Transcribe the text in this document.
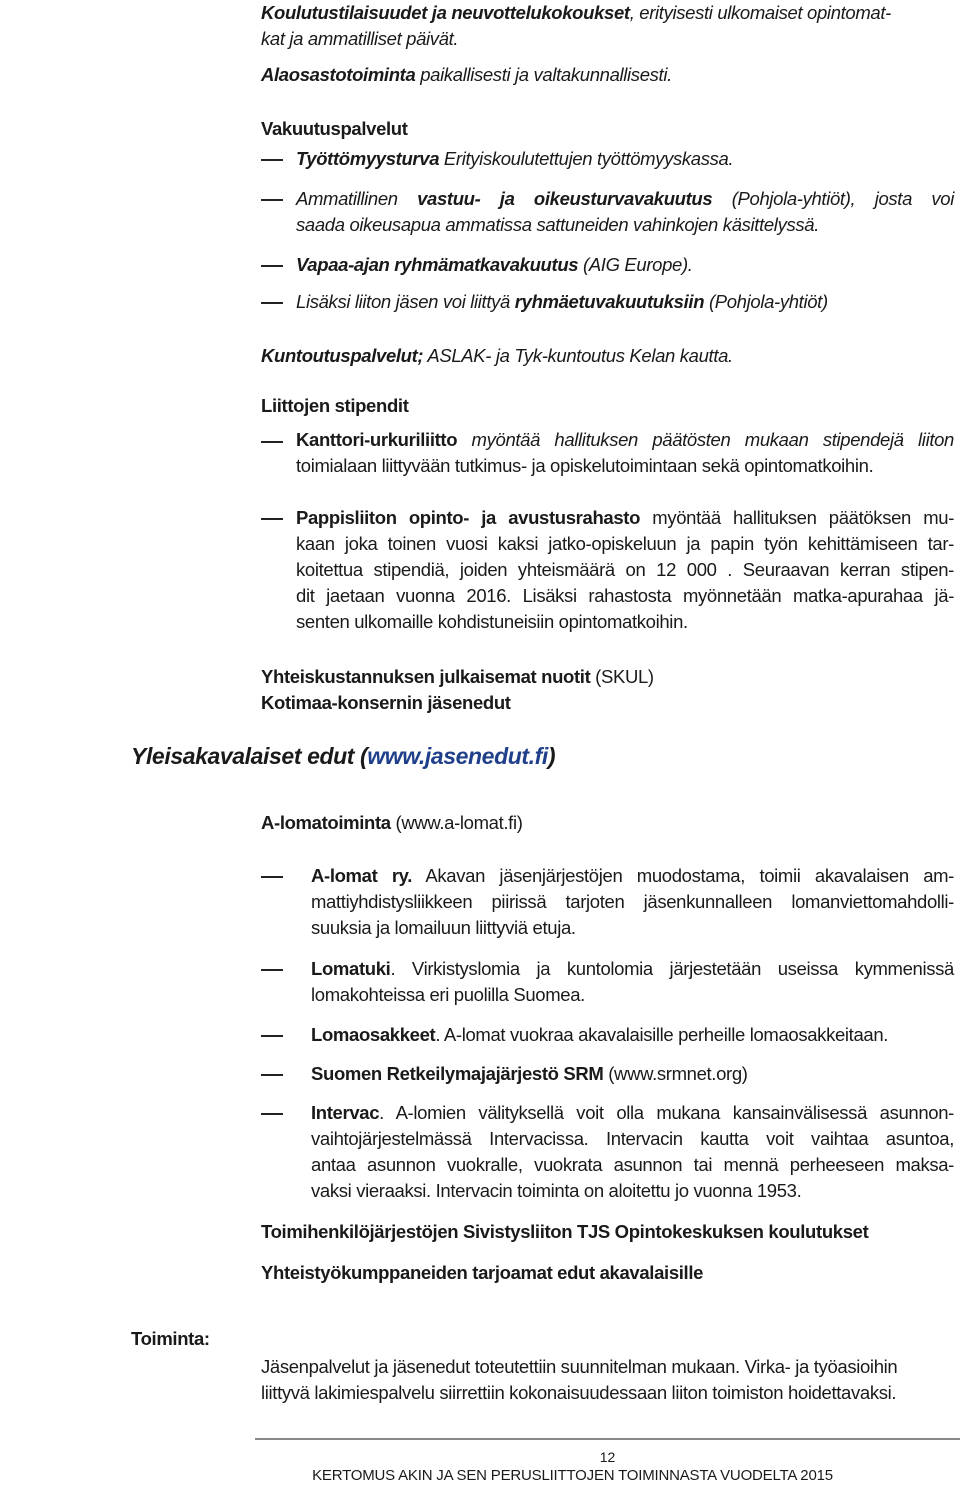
Koulutustilaisuudet ja neuvottelukokoukset, erityisesti ulkomaiset opintomat-
kat ja ammatilliset päivät.
Alaosastotoiminta paikallisesti ja valtakunnallisesti.
Vakuutuspalvelut
Työttömyysturva Erityiskoulutettujen työttömyyskassa.
Ammatillinen vastuu- ja oikeusturvavakuutus (Pohjola-yhtiöt), josta voi
saada oikeusapua ammatissa sattuneiden vahinkojen käsittelyssä.
Vapaa-ajan ryhmämatkavakuutus (AIG Europe).
Lisäksi liiton jäsen voi liittyä ryhmäetuvakuutuksiin (Pohjola-yhtiöt)
Kuntoutuspalvelut; ASLAK- ja Tyk-kuntoutus Kelan kautta.
Liittojen stipendit
Kanttori-urkuriliitto myöntää hallituksen päätösten mukaan stipendejä liiton
toimialaan liittyvään tutkimus- ja opiskelutoimintaan sekä opintomatkoihin.
Pappisliiton opinto- ja avustusrahasto myöntää hallituksen päätöksen mu-
kaan joka toinen vuosi kaksi jatko-opiskeluun ja papin työn kehittämiseen tar-
koitettua stipendiä, joiden yhteismäärä on 12 000 . Seuraavan kerran stipen-
dit jaetaan vuonna 2016. Lisäksi rahastosta myönnetään matka-apurahaa jä-
senten ulkomaille kohdistuneisiin opintomatkoihin.
Yhteiskustannuksen julkaisemat nuotit (SKUL)
Kotimaa-konsernin jäsenedut
Yleisakavalaiset edut (www.jasenedut.fi)
A-lomatoiminta (www.a-lomat.fi)
A-lomat ry. Akavan jäsenjärjestöjen muodostama, toimii akavalaisen am-
mattiyhdistysliikkeen piirissä tarjoten jäsenkunnalleen lomanviettomahdolli-
suuksia ja lomailuun liittyviä etuja.
Lomatuki. Virkistyslomia ja kuntolomia järjestetään useissa kymmenissä
lomakohteissa eri puolilla Suomea.
Lomaosakkeet. A-lomat vuokraa akavalaisille perheille lomaosakkeitaan.
Suomen Retkeilymajajärjestö SRM (www.srmnet.org)
Intervac. A-lomien välityksellä voit olla mukana kansainvälisessä asunnon-
vaihtojärjestelmässä Intervacissa. Intervacin kautta voit vaihtaa asuntoa,
antaa asunnon vuokralle, vuokrata asunnon tai mennä perheeseen maksa-
vaksi vieraaksi. Intervacin toiminta on aloitettu jo vuonna 1953.
Toimihenkilöjärjestöjen Sivistysliiton TJS Opintokeskuksen koulutukset
Yhteistyökumppaneiden tarjoamat edut akavalaisille
Toiminta:
Jäsenpalvelut ja jäsenedut toteutettiin suunnitelman mukaan. Virka- ja työasioihin
liittyvä lakimiespalvelu siirrettiin kokonaisuudessaan liiton toimiston hoidettavaksi.
12
KERTOMUS AKIN JA SEN PERUSLIITTOJEN TOIMINNASTA VUODELTA 2015
